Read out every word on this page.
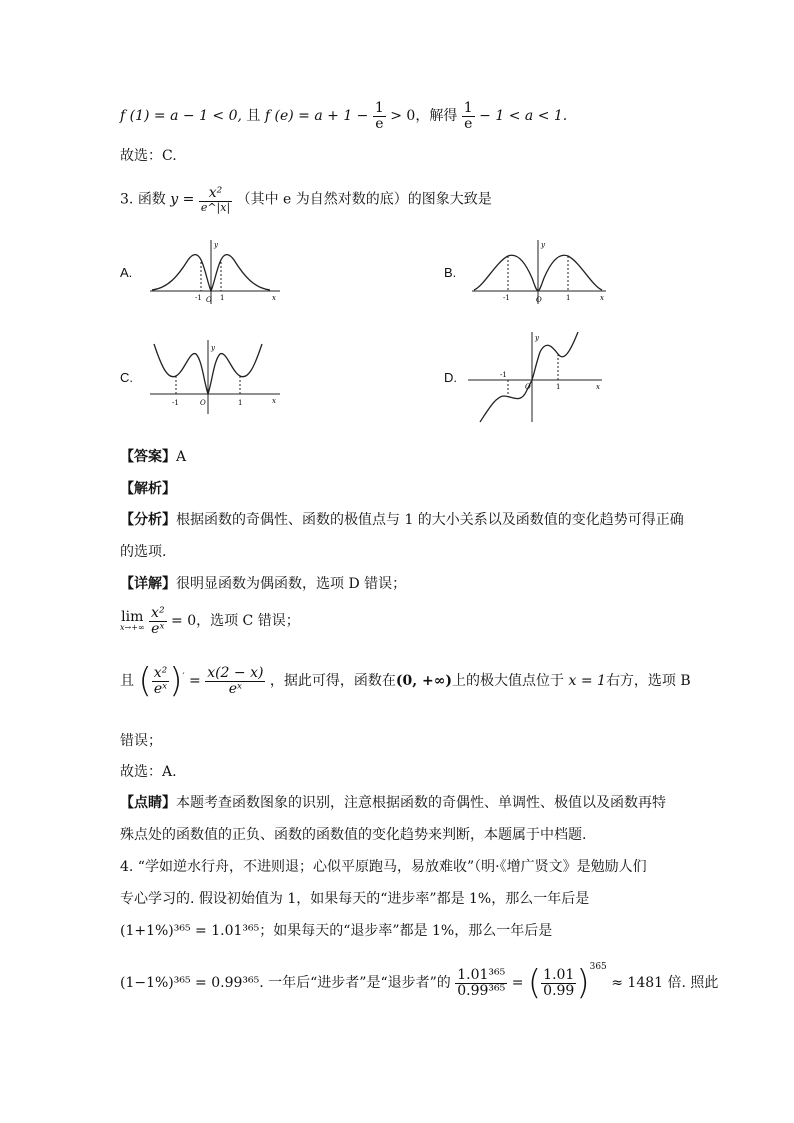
f (1) = a − 1 < 0, 且 f $(e) = a + 1 - \frac{1}{e} > 0$，解得 $\frac{1}{e} - 1 < a < 1$.
故选：C.
3. 函数 $y = \frac{\text{x²}}{e\^{}|x|}$ （其中 e 为自然对数的底）的图象大致是
A.	B.
C.	D.
-1 O 1	x
y
-1	O	1	x
y
-1	O	1	x
y
-1
O	1	x
y
【答案】A
【解析】
【分析】根据函数的奇偶性、函数的极值点与 1 的大小关系以及函数值的变化趋势可得正确
的选项.
【详解】很明显函数为偶函数，选项 D 错误；
lim
x→+∞
$\frac{\text{x²}}{\text{eˣ}} = 0$，选项 C 错误；
且 ( $\frac{\text{x²}}{\text{eˣ}} )' = \frac{x(2 - x)}{\text{eˣ}}$ ，据此可得，函数在(0, +∞)上的极大值点位于 x = 1右方，选项 B
错误；
故选：A.
【点睛】本题考查函数图象的识别，注意根据函数的奇偶性、单调性、极值以及函数再特
殊点处的函数值的正负、函数的函数值的变化趋势来判断，本题属于中档题.
4. “学如逆水行舟，不进则退；心似平原跑马，易放难收”（明·《增广贤文》是勉励人们
专心学习的. 假设初始值为 1，如果每天的“进步率”都是 1%，那么一年后是
(1+1%)³⁶⁵ = 1.01³⁶⁵；如果每天的“退步率”都是 1%，那么一年后是
(1−1%)³⁶⁵ = 0.99³⁶⁵. 一年后“进步者”是“退步者”的 $\frac{\text{1.01³⁶⁵}}{\text{0.99³⁶⁵}}$ = ( $\frac{1.01}{0.99} )^{365} \approx 1481$ 倍. 照此
